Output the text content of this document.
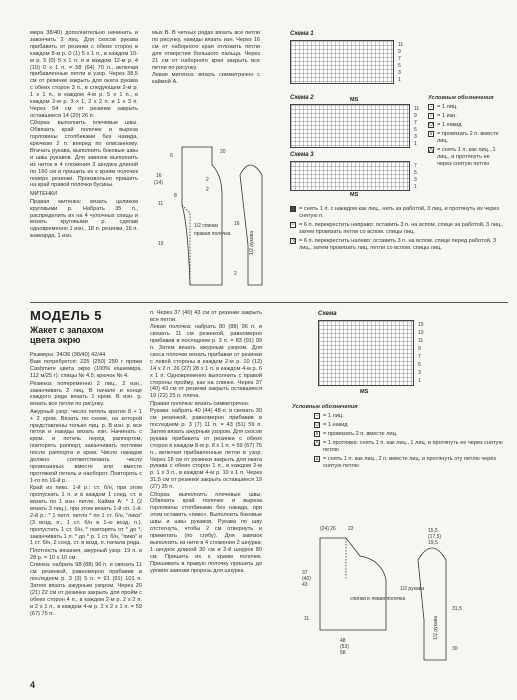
мера 38/40) дополнительно начинать и закончить 2 лиц. Для скосов рукава прибавить от резинки с обеих сторон в каждом 8-м р. 0 (1) 5 х 1 п., в каждом 10-м р. 5 (0) 5 х 1 п. и в каждом 12-м р. 4 (10) 0 х 1 п. = 58 (64) 70 п., включая прибавленные петли в узор. Через 38,5 см от резинки закрыть для оката рукава с обеих сторон 3 п., в следующем 2-м р. 1 х 1 п., в каждом 4-м р. 5 х 1 п., в каждом 2-м р. 3 х 1, 2 х 2 п. и 1 х 3 п. Через 54 см от резинки закрыть оставшиеся 14 (20) 26 п.
Сборка: выполнить плечевые швы. Обвязать край полочек и выреза горловины столбиками без накида, крючком 2 п. вперед по описанному. Втачать рукава, выполнить боковые швы и швы рукавов. Для завязок выполнить из ниток в 4 сложения 2 шнурка длиной по 160 см и пришить их к краям полочек поверх резинки. Произвольно пришить на край правой полочки бусины.
МИТЕНКИ
Правая митенка: вязать целиком круговыми р. Набрать 35 п., распределить их на 4 чулочных спицы и вязать круговыми р. сделав одновременно 1 изн., 18 п. резинки, 16 п. жаккарда, 1 изн.
мых В. В четных рядах вязать все петли по рисунку, накиды вязать изн. Через 16 см от наборного края отложить петли для отверстия большого пальца. Через 21 см от наборного края закрыть все петли по рисунку.
Левая митенка: вязать симметрично с каймой А.
6
16
(14)
8
11
20
2
2
15
16
2
1/2 спинки
правая полочка	1/2 рукава
Схема 1
11
9
7
5
3
1
Схема 2	MS
11
9
7
5
3
1
Схема 3
MS
7
5
3
1
Условные обозначения
– = 1 лиц.
○ = 1 изн.
U = 1 накид
∧ = провязать 2 п. вместе лиц.
⋀ = снять 1 п. как лиц., 1 лиц., и протянуть ее через снятую петлю
▨ = снять 1 п. с накидом как лиц., нить за работой, 3 лиц. и протянуть их через снятую п.
⤧ = 6 п. перекрестить направо: оставить 3 п. на вспом. спице за работой, 3 лиц., затем провязать петли со вспом. спицы лиц.
⤨ = 6 п. перекрестить налево: оставить 3 п. на вспом. спице перед работой, 3 лиц., затем провязать лиц. петли со вспом. спицы лиц.
МОДЕЛЬ 5
Жакет с запахом цвета экрю
Размеры: 34/36 (38/40) 42/44
Вам потребуется: 225 (250) 250 г пряжи Cashmere цвета экрю (100% кашемира, 112 м/25 г); спицы № 4,5; крючок № 4.
Резинка: попеременно 2 лиц., 2 изн., заканчивать 2 лиц. В начале и конце каждого ряда вязать 1 кром. В изн. р. вязать все петли по рисунку.
Ажурный узор: число петель кратно 8 + 1 + 2 кром. Вязать по схеме, на которой представлены только лиц. р. В изн. р. все петли и накиды вязать изн. Начинать с кром. и петель перед раппортом, повторять раппорт, заканчивать петлями после раппорта и кром. Число накидов должно соответствовать числу провязанных вместе или вместе протяжкой петель и наоборот. Повторять с 1-го по 16-й р.
Край из пико. 1-й р.: ст. б/н, при этом пропускать 1 п. и в каждом 1 соед. ст. в вязать по 1 изн. петле. Кайма А: * 1 (2 вязать 3 лиц.), при этом вязать 1-й сп. 1-й. 2-й р.: * 1 петл. петля * по 1 ст. б/н, "пико" (3 возд. п., 1 ст. б/н в 1-ю возд. п.), пропустить 1 ст. б/н, * повторять от * до *, заканчивать 1 п. * до * р. 1 ст. б/н, "пико" и 1 ст. б/н, 2 соед. ст. в возд. п. начала ряда.
Плотность вязания, ажурный узор: 19 п. и 28 р. = 10 х 10 см.
Спинка: набрать 98 (88) 96 п. и связать 11 см резинкой, равномерно прибавив в последнем р. 3 (3) 5 п. = 91 (91) 101 п. Затем вязать ажурным узором. Через 20 (21) 22 см от резинки закрыть для пройм с обеих сторон 4 п., в каждом 2-м р. 2 х 2 п. и 2 х 1 п., в каждом 4-м р. 2 х 2 х 1 п. = 59 (67) 75 п.
п. Через 37 (40) 43 см от резинки закрыть все петли.
Левая полочка: набрать 80 (88) 96 п. и связать 11 см резинкой, равномерно прибавив в последнем р. 3 п. = 83 (91) 99 п. Затем вязать ажурным узором. Для скоса полочки вязать прибавки от резинки с левой стороны в каждом 2-м р. 10 (12) 14 х 2 п. 26 (27) 28 х 1 п. в каждом 4-м р. 6 х 1 п. Одновременно выполнить с правой стороны пройму, как на спинке. Через 37 (40) 43 см от резинки закрыть оставшиеся 19 (22) 25 п. плеча.
Правая полочка: вязать симметрично.
Рукава: набрать 40 (44) 48 п. и связать 30 см резинкой, равномерно прибавив в последнем р. 3 (7) 11 п. = 43 (51) 59 п. Затем вязать ажурным узором. Для скосов рукава прибавить от резинки с обеих сторон в каждом 8-м р. 8 х 1 п. = 59 (67) 75 п., включая прибавленные петли в узор. Через 18 см от резинки закрыть для оката рукава с обеих сторон 1 п., в каждом 2-м р. 1 х 3 п., в каждом 4-м р. 10 х 1 п. Через 31,5 см от резинки закрыть оставшиеся 19 (27) 35 п.
Сборка: выполнить плечевые швы. Обвязать край полочек и выреза горловины столбиками без накида, при этом оставить «пико». Выполнить боковые швы и швы рукавов. Рукава по шву отстегнуть, чтобы 2 см отвернуть и приметать (по сгибу). Для завязок выполнить из нити в 4 сложения 2 шнурка: 1 шнурок длиной 30 см и 2-й шнурок 80 см. Пришить их к краям полочек. Пришивать в правую полочку пришить до уровня завязки прорезь для шнурка.
Схема
MS
15
13
11
9
7
5
3
1
Условные обозначения
– = 1 лиц.
U = 1 накид
∧ = провязать 2 п. вместе лиц.
⋀ = 1 протяжка: снять 1 п. как лиц., 1 лиц. и протянуть ее через снятую петлю
⩓ = снять 1 п. как лиц., 2 п. вместе лиц. и протянуть эту петлю через снятую петлю
(24) 26 22	15,5
(17,5)
19,5
37
(40)
43
48
(53)
58
спинки и левая полочка
1/2 рукава
11
31,5
30
1/2 рукава
4
